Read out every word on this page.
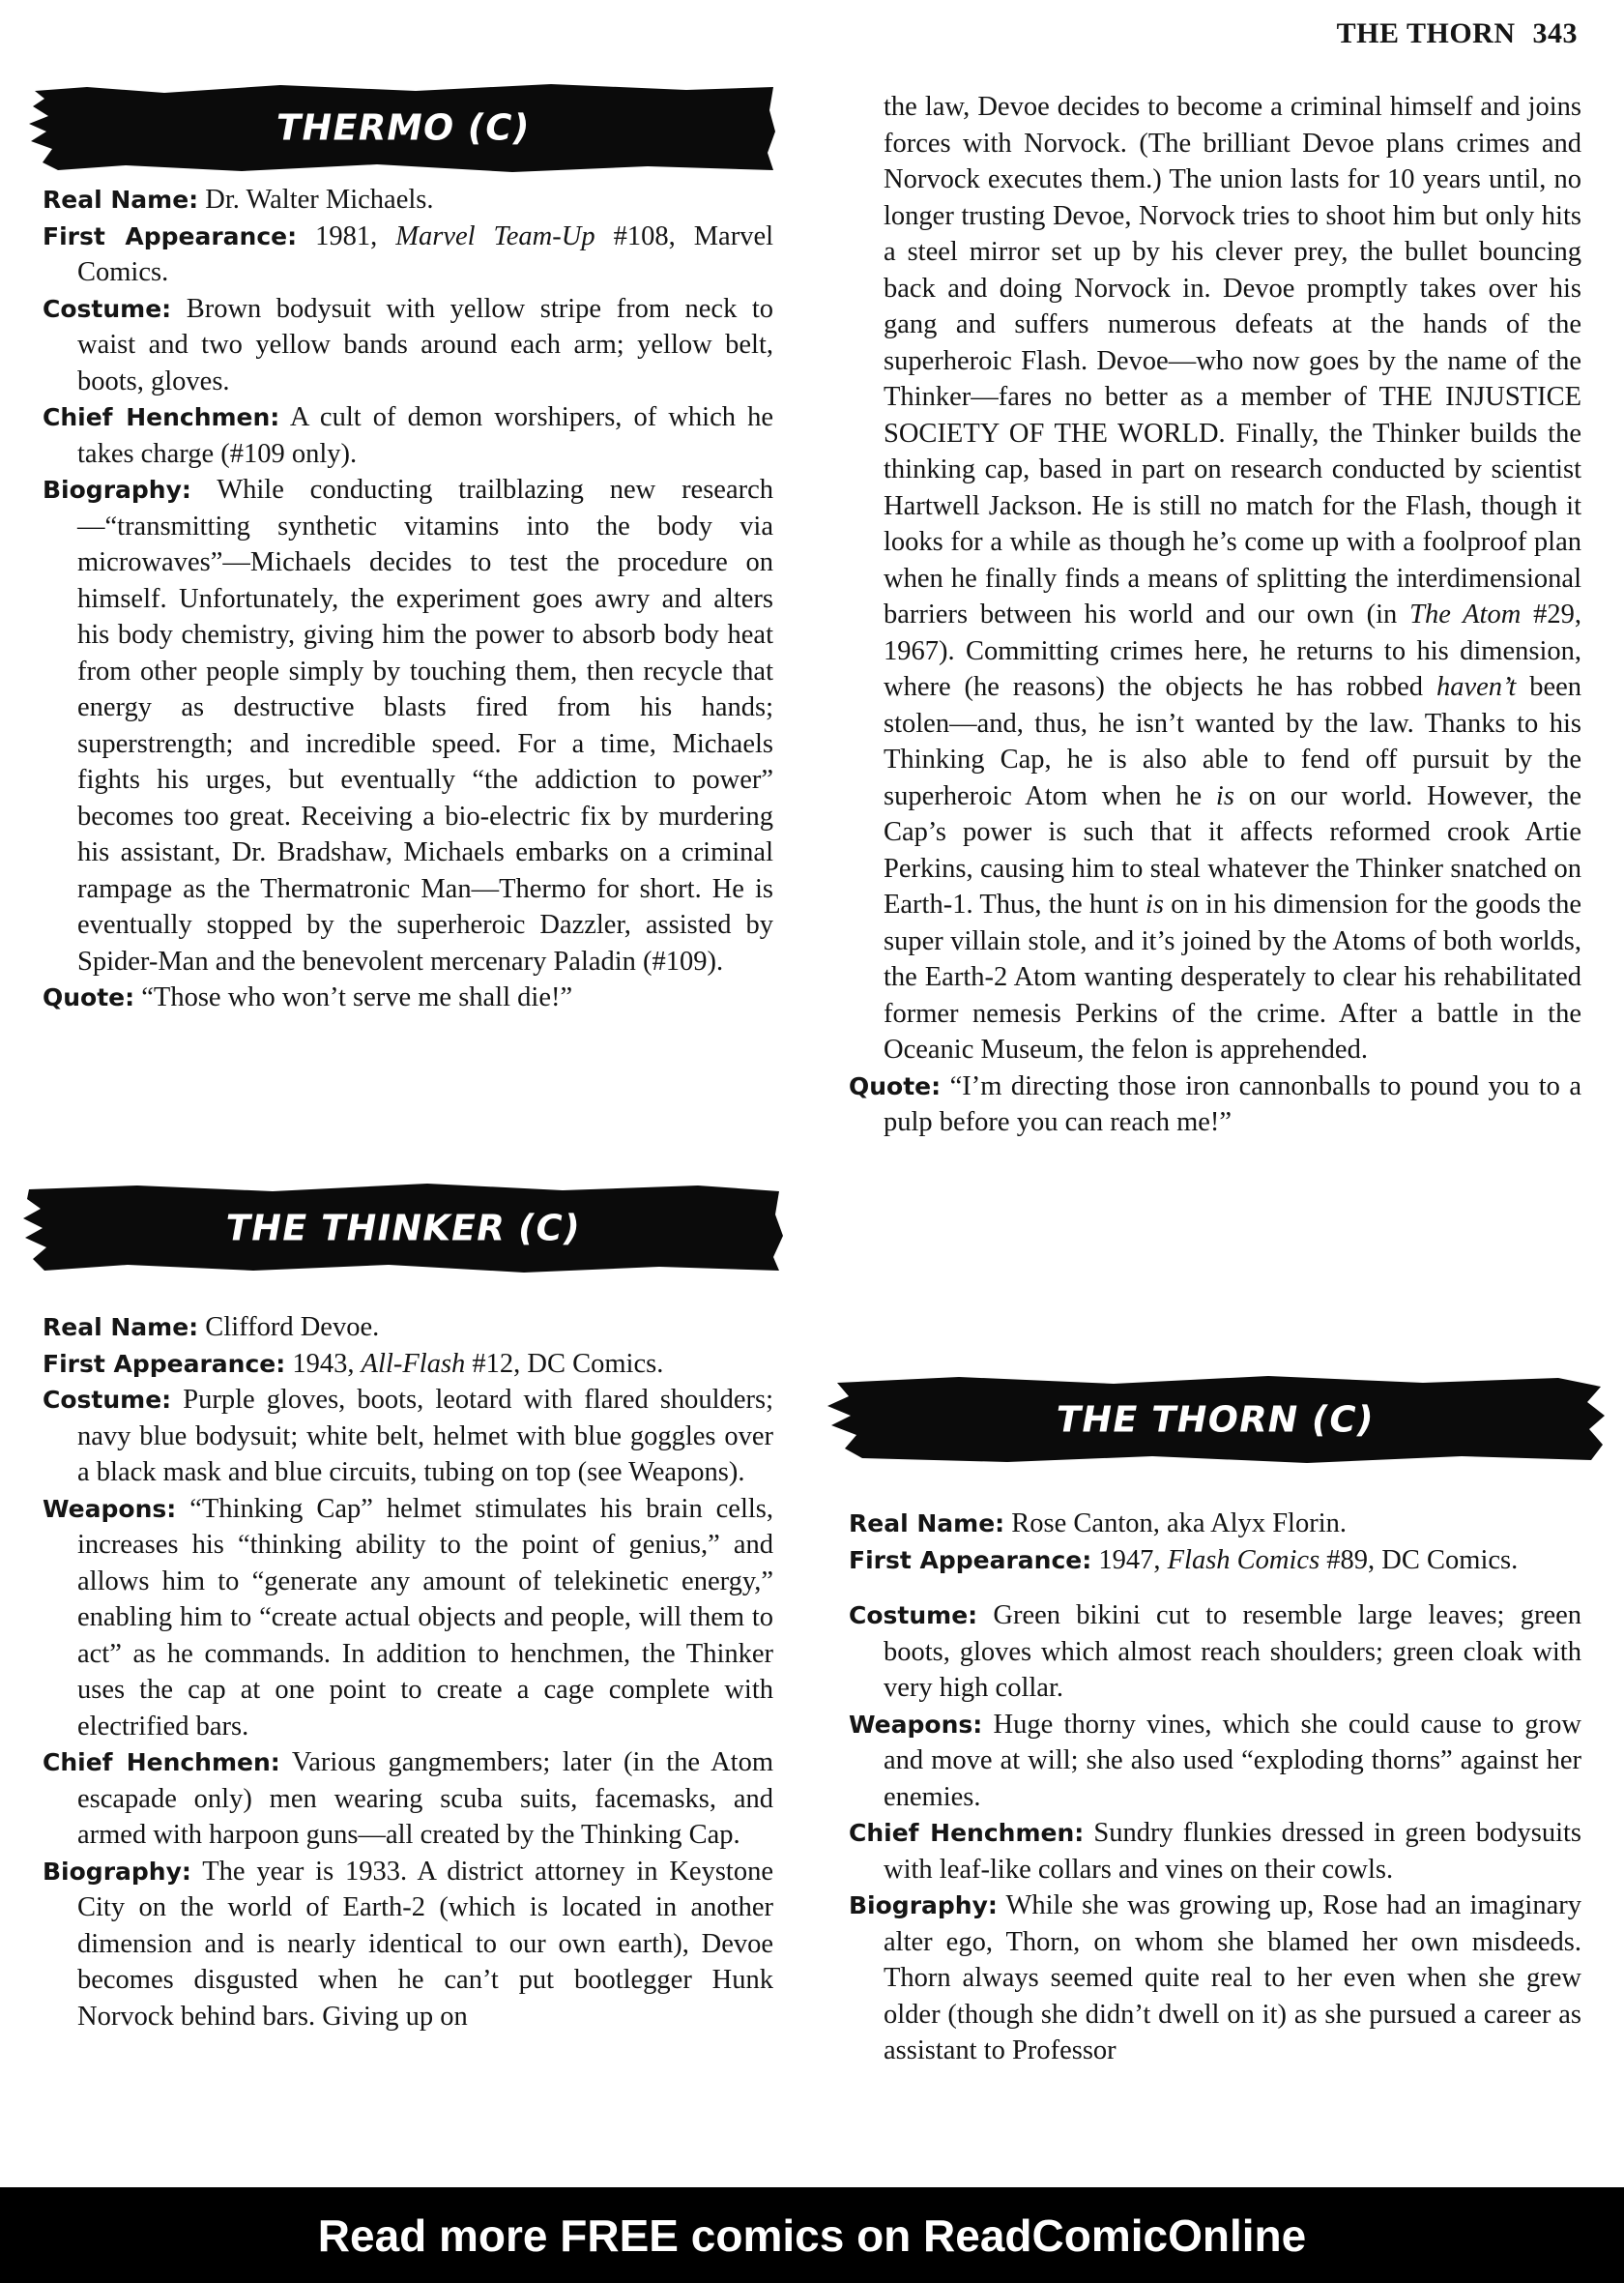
THE THORN 343
THERMO (C)

Real Name: Dr. Walter Michaels.

First Appearance: 1981, Marvel Team-Up #108, Marvel Comics.

Costume: Brown bodysuit with yellow stripe from neck to waist and two yellow bands around each arm; yellow belt, boots, gloves.

Chief Henchmen: A cult of demon worshipers, of which he takes charge (#109 only).

Biography: While conducting trailblazing new research—“transmitting synthetic vitamins into the body via microwaves”—Michaels decides to test the procedure on himself. Unfortunately, the experiment goes awry and alters his body chemistry, giving him the power to absorb body heat from other people simply by touching them, then recycle that energy as destructive blasts fired from his hands; superstrength; and incredible speed. For a time, Michaels fights his urges, but eventually “the addiction to power” becomes too great. Receiving a bio-electric fix by murdering his assistant, Dr. Bradshaw, Michaels embarks on a criminal rampage as the Thermatronic Man—Thermo for short. He is eventually stopped by the superheroic Dazzler, assisted by Spider-Man and the benevolent mercenary Paladin (#109).

Quote: “Those who won’t serve me shall die!”

THE THINKER (C)

Real Name: Clifford Devoe.

First Appearance: 1943, All-Flash #12, DC Comics.

Costume: Purple gloves, boots, leotard with flared shoulders; navy blue bodysuit; white belt, helmet with blue goggles over a black mask and blue circuits, tubing on top (see Weapons).

Weapons: “Thinking Cap” helmet stimulates his brain cells, increases his “thinking ability to the point of genius,” and allows him to “generate any amount of telekinetic energy,” enabling him to “create actual objects and people, will them to act” as he commands. In addition to henchmen, the Thinker uses the cap at one point to create a cage complete with electrified bars.

Chief Henchmen: Various gangmembers; later (in the Atom escapade only) men wearing scuba suits, facemasks, and armed with harpoon guns—all created by the Thinking Cap.

Biography: The year is 1933. A district attorney in Keystone City on the world of Earth-2 (which is located in another dimension and is nearly identical to our own earth), Devoe becomes disgusted when he can’t put bootlegger Hunk Norvock behind bars. Giving up on

the law, Devoe decides to become a criminal himself and joins forces with Norvock. (The brilliant Devoe plans crimes and Norvock executes them.) The union lasts for 10 years until, no longer trusting Devoe, Norvock tries to shoot him but only hits a steel mirror set up by his clever prey, the bullet bouncing back and doing Norvock in. Devoe promptly takes over his gang and suffers numerous defeats at the hands of the superheroic Flash. Devoe—who now goes by the name of the Thinker—fares no better as a member of THE INJUSTICE SOCIETY OF THE WORLD. Finally, the Thinker builds the thinking cap, based in part on research conducted by scientist Hartwell Jackson. He is still no match for the Flash, though it looks for a while as though he’s come up with a foolproof plan when he finally finds a means of splitting the interdimensional barriers between his world and our own (in The Atom #29, 1967). Committing crimes here, he returns to his dimension, where (he reasons) the objects he has robbed haven’t been stolen—and, thus, he isn’t wanted by the law. Thanks to his Thinking Cap, he is also able to fend off pursuit by the superheroic Atom when he is on our world. However, the Cap’s power is such that it affects reformed crook Artie Perkins, causing him to steal whatever the Thinker snatched on Earth-1. Thus, the hunt is on in his dimension for the goods the super villain stole, and it’s joined by the Atoms of both worlds, the Earth-2 Atom wanting desperately to clear his rehabilitated former nemesis Perkins of the crime. After a battle in the Oceanic Museum, the felon is apprehended.

Quote: “I’m directing those iron cannonballs to pound you to a pulp before you can reach me!”

THE THORN (C)

Real Name: Rose Canton, aka Alyx Florin.

First Appearance: 1947, Flash Comics #89, DC Comics.

Costume: Green bikini cut to resemble large leaves; green boots, gloves which almost reach shoulders; green cloak with very high collar.

Weapons: Huge thorny vines, which she could cause to grow and move at will; she also used “exploding thorns” against her enemies.

Chief Henchmen: Sundry flunkies dressed in green bodysuits with leaf-like collars and vines on their cowls.

Biography: While she was growing up, Rose had an imaginary alter ego, Thorn, on whom she blamed her own misdeeds. Thorn always seemed quite real to her even when she grew older (though she didn’t dwell on it) as she pursued a career as assistant to Professor

Read more FREE comics on ReadComicOnline
